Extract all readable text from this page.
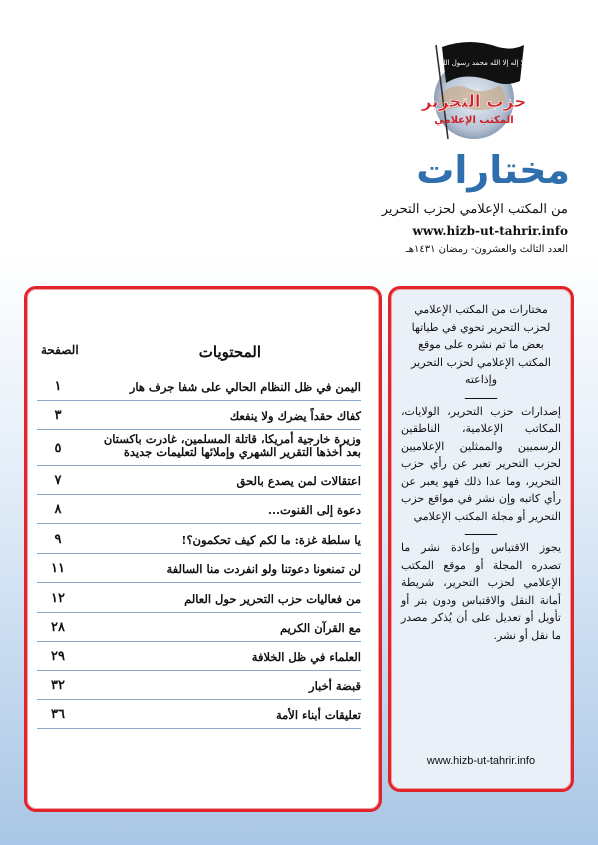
لا إله إلا الله محمد رسول الله
حزب التحرير
المكتب الإعلامي
مختارات
من المكتب الإعلامي لحزب التحرير
www.hizb-ut-tahrir.info
العدد الثالث والعشرون- رمضان ١٤٣١هـ
المحتويات
الصفحة
اليمن في ظل النظام الحالي على شفا جرف هار
١
كفاك حقداً يضرك ولا ينفعك
٣
وزيرة خارجية أمريكا، قاتلة المسلمين، غادرت باكستان بعد أخذها التقرير الشهري وإملائها لتعليمات جديدة
٥
اعتقالات لمن يصدع بالحق
٧
دعوة إلى القنوت...
٨
يا سلطة غزة: ما لكم كيف تحكمون؟!
٩
لن تمنعونا دعوتنا ولو انفردت منا السالفة
١١
من فعاليات حزب التحرير حول العالم
١٢
مع القرآن الكريم
٢٨
العلماء في ظل الخلافة
٢٩
قبضة أخبار
٣٢
تعليقات أبناء الأمة
٣٦

مختارات من المكتب الإعلامي لحزب التحرير تحوي في طياتها بعض ما تم نشره على موقع المكتب الإعلامي لحزب التحرير وإذاعته

ــــــــــ

إصدارات حزب التحرير، الولايات، المكاتب الإعلامية، الناطقين الرسميين والممثلين الإعلاميين لحزب التحرير تعبر عن رأي حزب التحرير، وما عدا ذلك فهو يعبر عن رأي كاتبه وإن نشر في مواقع حزب التحرير أو مجلة المكتب الإعلامي

ــــــــــ

يجوز الاقتباس وإعادة نشر ما تصدره المجلة أو موقع المكتب الإعلامي لحزب التحرير، شريطة أمانة النقل والاقتباس ودون بتر أو تأويل أو تعديل على أن يُذكر مصدر ما نقل أو نشر.

www.hizb-ut-tahrir.info
